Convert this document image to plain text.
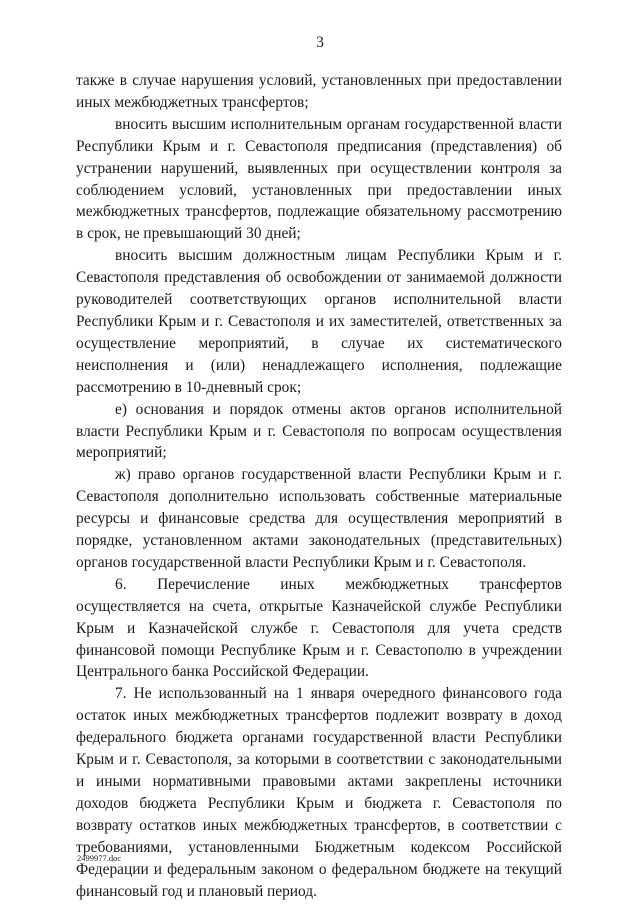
3

также в случае нарушения условий, установленных при предоставлении иных межбюджетных трансфертов;

вносить высшим исполнительным органам государственной власти Республики Крым и г. Севастополя предписания (представления) об устранении нарушений, выявленных при осуществлении контроля за соблюдением условий, установленных при предоставлении иных межбюджетных трансфертов, подлежащие обязательному рассмотрению в срок, не превышающий 30 дней;

вносить высшим должностным лицам Республики Крым и г. Севастополя представления об освобождении от занимаемой должности руководителей соответствующих органов исполнительной власти Республики Крым и г. Севастополя и их заместителей, ответственных за осуществление мероприятий, в случае их систематического неисполнения и (или) ненадлежащего исполнения, подлежащие рассмотрению в 10-дневный срок;

е) основания и порядок отмены актов органов исполнительной власти Республики Крым и г. Севастополя по вопросам осуществления мероприятий;

ж) право органов государственной власти Республики Крым и г. Севастополя дополнительно использовать собственные материальные ресурсы и финансовые средства для осуществления мероприятий в порядке, установленном актами законодательных (представительных) органов государственной власти Республики Крым и г. Севастополя.

6. Перечисление иных межбюджетных трансфертов осуществляется на счета, открытые Казначейской службе Республики Крым и Казначейской службе г. Севастополя для учета средств финансовой помощи Республике Крым и г. Севастополю в учреждении Центрального банка Российской Федерации.

7. Не использованный на 1 января очередного финансового года остаток иных межбюджетных трансфертов подлежит возврату в доход федерального бюджета органами государственной власти Республики Крым и г. Севастополя, за которыми в соответствии с законодательными и иными нормативными правовыми актами закреплены источники доходов бюджета Республики Крым и бюджета г. Севастополя по возврату остатков иных межбюджетных трансфертов, в соответствии с требованиями, установленными Бюджетным кодексом Российской Федерации и федеральным законом о федеральном бюджете на текущий финансовый год и плановый период.

2499977.doc
